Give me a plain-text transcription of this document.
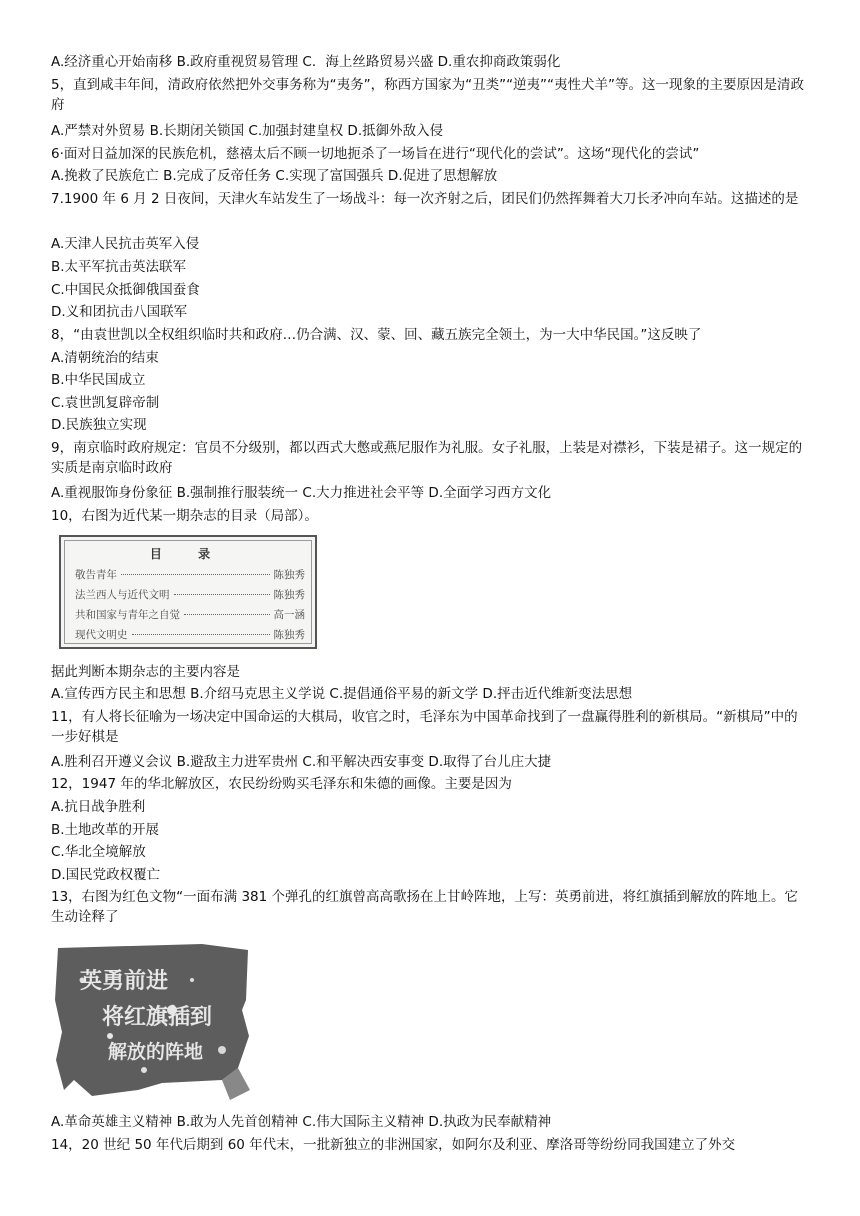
A.经济重心开始南移 B.政府重视贸易管理 C．海上丝路贸易兴盛 D.重农抑商政策弱化
5，直到咸丰年间，清政府依然把外交事务称为“夷务”，称西方国家为“丑类”“逆夷”“夷性犬羊”等。这一现象的主要原因是清政府
A.严禁对外贸易 B.长期闭关锁国 C.加强封建皇权 D.抵御外敌入侵
6·面对日益加深的民族危机，慈禧太后不顾一切地扼杀了一场旨在进行“现代化的尝试”。这场“现代化的尝试”
A.挽救了民族危亡 B.完成了反帝任务 C.实现了富国强兵 D.促进了思想解放
7.1900 年 6 月 2 日夜间，天津火车站发生了一场战斗：每一次齐射之后，团民们仍然挥舞着大刀长矛冲向车站。这描述的是
A.天津人民抗击英军入侵
B.太平军抗击英法联军
C.中国民众抵御俄国蚕食
D.义和团抗击八国联军
8，“由袁世凯以全权组织临时共和政府…仍合满、汉、蒙、回、藏五族完全领土，为一大中华民国。”这反映了
A.清朝统治的结束
B.中华民国成立
C.袁世凯复辟帝制
D.民族独立实现
9，南京临时政府规定：官员不分级别，都以西式大憋或燕尼服作为礼服。女子礼服，上装是对襟衫，下装是裙子。这一规定的实质是南京临时政府
A.重视服饰身份象征 B.强制推行服装统一 C.大力推进社会平等 D.全面学习西方文化
10，右图为近代某一期杂志的目录（局部）。
目 录
敬告青年	陈独秀
法兰西人与近代文明	陈独秀
共和国家与青年之自觉	高一涵
现代文明史	陈独秀
据此判断本期杂志的主要内容是
A.宣传西方民主和思想 B.介绍马克思主义学说 C.提倡通俗平易的新文学 D.抨击近代维新变法思想
11，有人将长征喻为一场决定中国命运的大棋局，收官之时，毛泽东为中国革命找到了一盘赢得胜利的新棋局。“新棋局”中的一步好棋是
A.胜利召开遵义会议 B.避敌主力进军贵州 C.和平解决西安事变 D.取得了台儿庄大捷
12，1947 年的华北解放区，农民纷纷购买毛泽东和朱德的画像。主要是因为
A.抗日战争胜利
B.土地改革的开展
C.华北全境解放
D.国民党政权覆亡
13，右图为红色文物“一面布满 381 个弹孔的红旗曾高高歌扬在上甘岭阵地，上写：英勇前进，将红旗插到解放的阵地上。它生动诠释了
英勇前进
将红旗插到
解放的阵地
A.革命英雄主义精神 B.敢为人先首创精神 C.伟大国际主义精神 D.执政为民奉献精神
14，20 世纪 50 年代后期到 60 年代末，一批新独立的非洲国家，如阿尔及利亚、摩洛哥等纷纷同我国建立了外交
